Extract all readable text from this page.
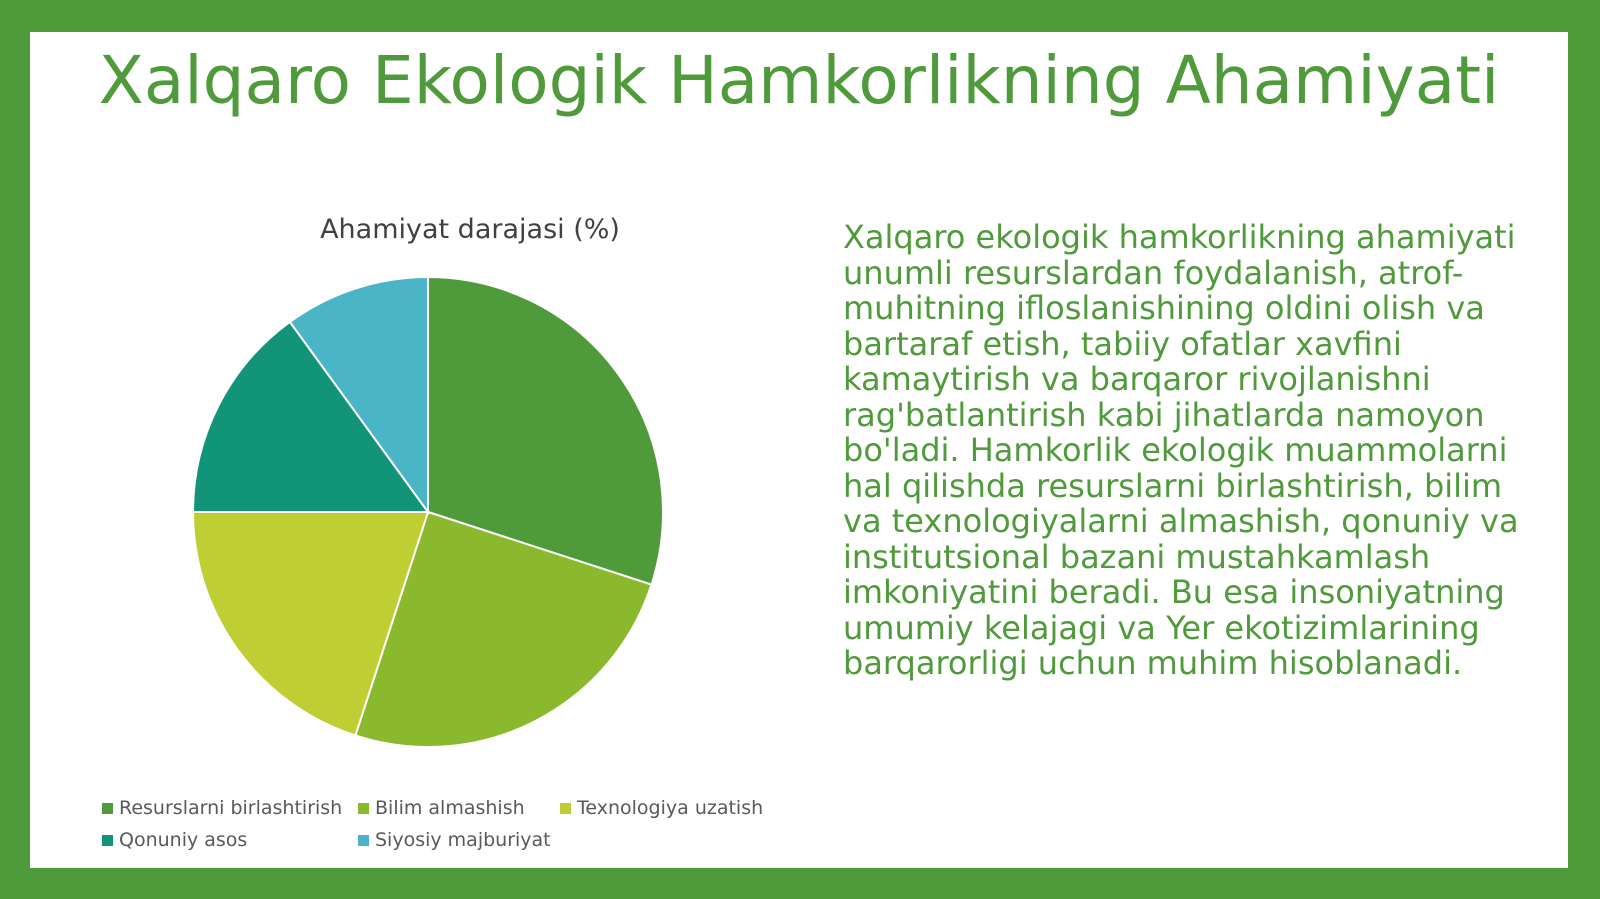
Xalqaro Ekologik Hamkorlikning Ahamiyati
Ahamiyat darajasi (%)
Resurslarni birlashtirish Bilim almashish	Texnologiya uzatish
Qonuniy asos	Siyosiy majburiyat

Xalqaro ekologik hamkorlikning ahamiyati unumli resurslardan foydalanish, atrof-muhitning ifloslanishining oldini olish va bartaraf etish, tabiiy ofatlar xavfini kamaytirish va barqaror rivojlanishni rag'batlantirish kabi jihatlarda namoyon bo'ladi. Hamkorlik ekologik muammolarni hal qilishda resurslarni birlashtirish, bilim va texnologiyalarni almashish, qonuniy va institutsional bazani mustahkamlash imkoniyatini beradi. Bu esa insoniyatning umumiy kelajagi va Yer ekotizimlarining barqarorligi uchun muhim hisoblanadi.
